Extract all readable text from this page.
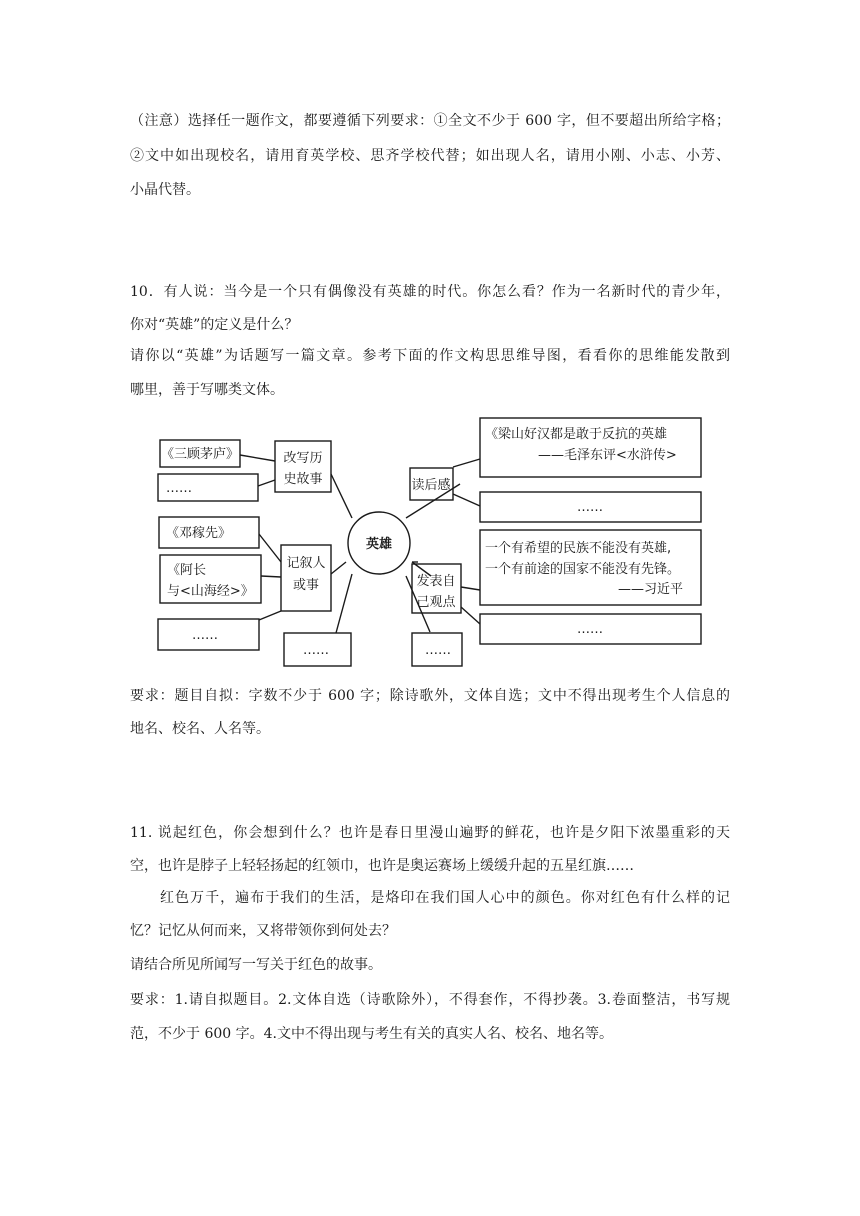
（注意）选择任一题作文，都要遵循下列要求：①全文不少于 600 字，但不要超出所给字格；
②文中如出现校名，请用育英学校、思齐学校代替；如出现人名，请用小刚、小志、小芳、
小晶代替。
10．有人说：当今是一个只有偶像没有英雄的时代。你怎么看？作为一名新时代的青少年，
你对“英雄”的定义是什么？
请你以“英雄”为话题写一篇文章。参考下面的作文构思思维导图，看看你的思维能发散到
哪里，善于写哪类文体。
英雄
改写历
史故事	读后感
记叙人
或事	发表自
己观点
《三顾茅庐》
……
《邓稼先》
《阿长
与<山海经>》
……
……	……
《梁山好汉都是敢于反抗的英雄
——毛泽东评<水浒传>
……
一个有希望的民族不能没有英雄,
一个有前途的国家不能没有先锋。
——习近平
……
要求：题目自拟：字数不少于 600 字；除诗歌外，文体自选；文中不得出现考生个人信息的
地名、校名、人名等。
11. 说起红色，你会想到什么？也许是春日里漫山遍野的鲜花，也许是夕阳下浓墨重彩的天
空，也许是脖子上轻轻扬起的红领巾，也许是奥运赛场上缓缓升起的五星红旗……
红色万千，遍布于我们的生活，是烙印在我们国人心中的颜色。你对红色有什么样的记
忆？记忆从何而来，又将带领你到何处去？
请结合所见所闻写一写关于红色的故事。
要求：1.请自拟题目。2.文体自选（诗歌除外），不得套作，不得抄袭。3.卷面整洁，书写规
范，不少于 600 字。4.文中不得出现与考生有关的真实人名、校名、地名等。
